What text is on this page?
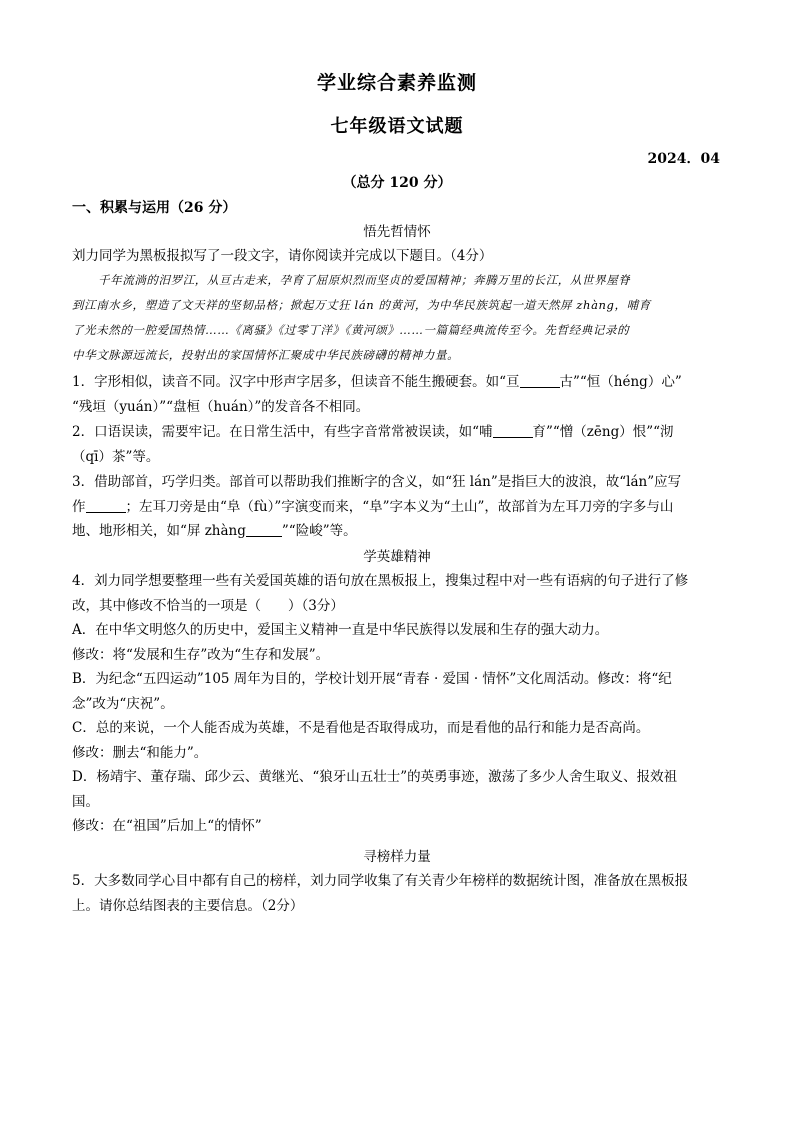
学业综合素养监测
七年级语文试题
2024．04
（总分 120 分）
一、积累与运用（26 分）
悟先哲情怀
刘力同学为黑板报拟写了一段文字，请你阅读并完成以下题目。（4分）
千年流淌的汨罗江，从亘古走来，孕育了屈原炽烈而坚贞的爱国精神；奔腾万里的长江，从世界屋脊
到江南水乡，塑造了文天祥的坚韧品格；掀起万丈狂 lán 的黄河，为中华民族筑起一道天然屏 zhàng，哺育
了光未然的一腔爱国热情……《离骚》《过零丁洋》《黄河颂》……一篇篇经典流传至今。先哲经典记录的
中华文脉源远流长，投射出的家国情怀汇聚成中华民族磅礴的精神力量。
1．字形相似，读音不同。汉字中形声字居多，但读音不能生搬硬套。如“亘	古”“恒（héng）心”
“残垣（yuán）”“盘桓（huán）”的发音各不相同。
2．口语误读，需要牢记。在日常生活中，有些字音常常被误读，如“哺	育”“憎（zēng）恨”“沏
（qī）茶”等。
3．借助部首，巧学归类。部首可以帮助我们推断字的含义，如“狂 lán”是指巨大的波浪，故“lán”应写
作	；左耳刀旁是由“阜（fù）”字演变而来，“阜”字本义为“土山”，故部首为左耳刀旁的字多与山
地、地形相关，如“屏 zhàng	”“险峻”等。
学英雄精神
4．刘力同学想要整理一些有关爱国英雄的语句放在黑板报上，搜集过程中对一些有语病的句子进行了修
改，其中修改不恰当的一项是（　　）（3分）
A．在中华文明悠久的历史中，爱国主义精神一直是中华民族得以发展和生存的强大动力。
修改：将“发展和生存”改为“生存和发展”。
B．为纪念“五四运动”105 周年为目的，学校计划开展“青春 · 爱国 · 情怀”文化周活动。修改：将“纪
念”改为“庆祝”。
C．总的来说，一个人能否成为英雄，不是看他是否取得成功，而是看他的品行和能力是否高尚。
修改：删去“和能力”。
D．杨靖宇、董存瑞、邱少云、黄继光、“狼牙山五壮士”的英勇事迹，激荡了多少人舍生取义、报效祖
国。
修改：在“祖国”后加上“的情怀”
寻榜样力量
5．大多数同学心目中都有自己的榜样，刘力同学收集了有关青少年榜样的数据统计图，准备放在黑板报
上。请你总结图表的主要信息。（2分）
